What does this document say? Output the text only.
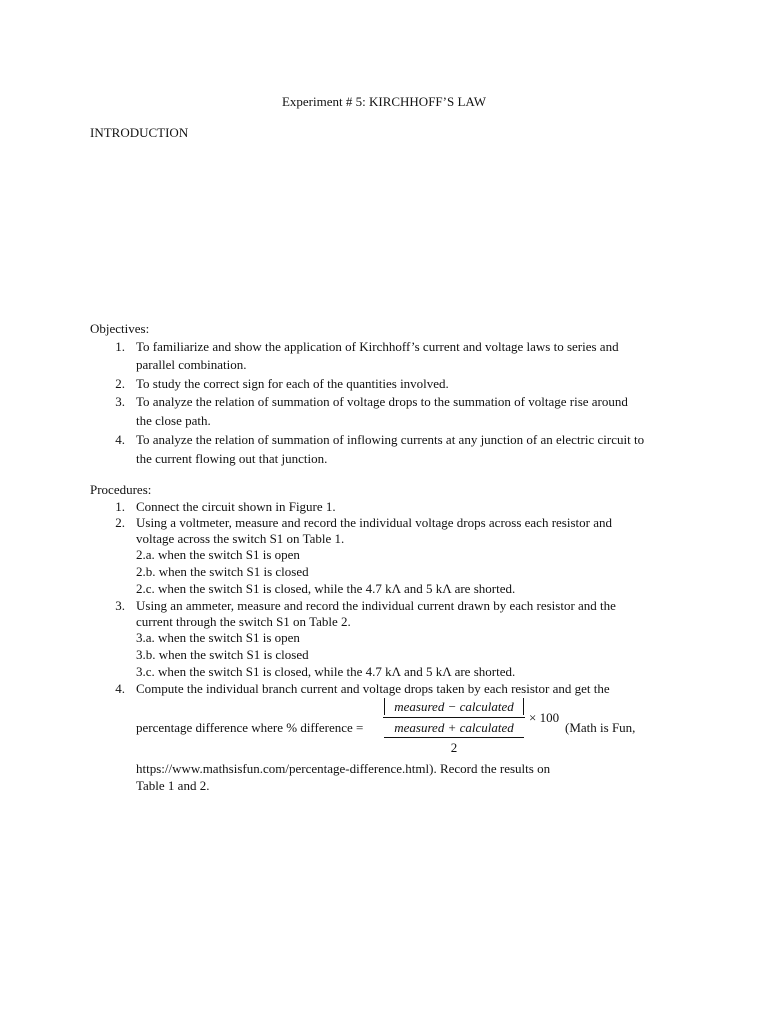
Experiment # 5: KIRCHHOFF’S LAW
INTRODUCTION
Objectives:
1. To familiarize and show the application of Kirchhoff’s current and voltage laws to series and
parallel combination.
2. To study the correct sign for each of the quantities involved.
3. To analyze the relation of summation of voltage drops to the summation of voltage rise around
the close path.
4. To analyze the relation of summation of inflowing currents at any junction of an electric circuit to
the current flowing out that junction.
Procedures:
1. Connect the circuit shown in Figure 1.
2. Using a voltmeter, measure and record the individual voltage drops across each resistor and
voltage across the switch S1 on Table 1.
2.a. when the switch S1 is open
2.b. when the switch S1 is closed
2.c. when the switch S1 is closed, while the 4.7 kΛ and 5 kΛ are shorted.
3. Using an ammeter, measure and record the individual current drawn by each resistor and the
current through the switch S1 on Table 2.
3.a. when the switch S1 is open
3.b. when the switch S1 is closed
3.c. when the switch S1 is closed, while the 4.7 kΛ and 5 kΛ are shorted.
4. Compute the individual branch current and voltage drops taken by each resistor and get the
percentage difference where % difference =
measured − calculated
measured + calculated
2
× 100
(Math is Fun,
https://www.mathsisfun.com/percentage-difference.html). Record the results on
Table 1 and 2.
